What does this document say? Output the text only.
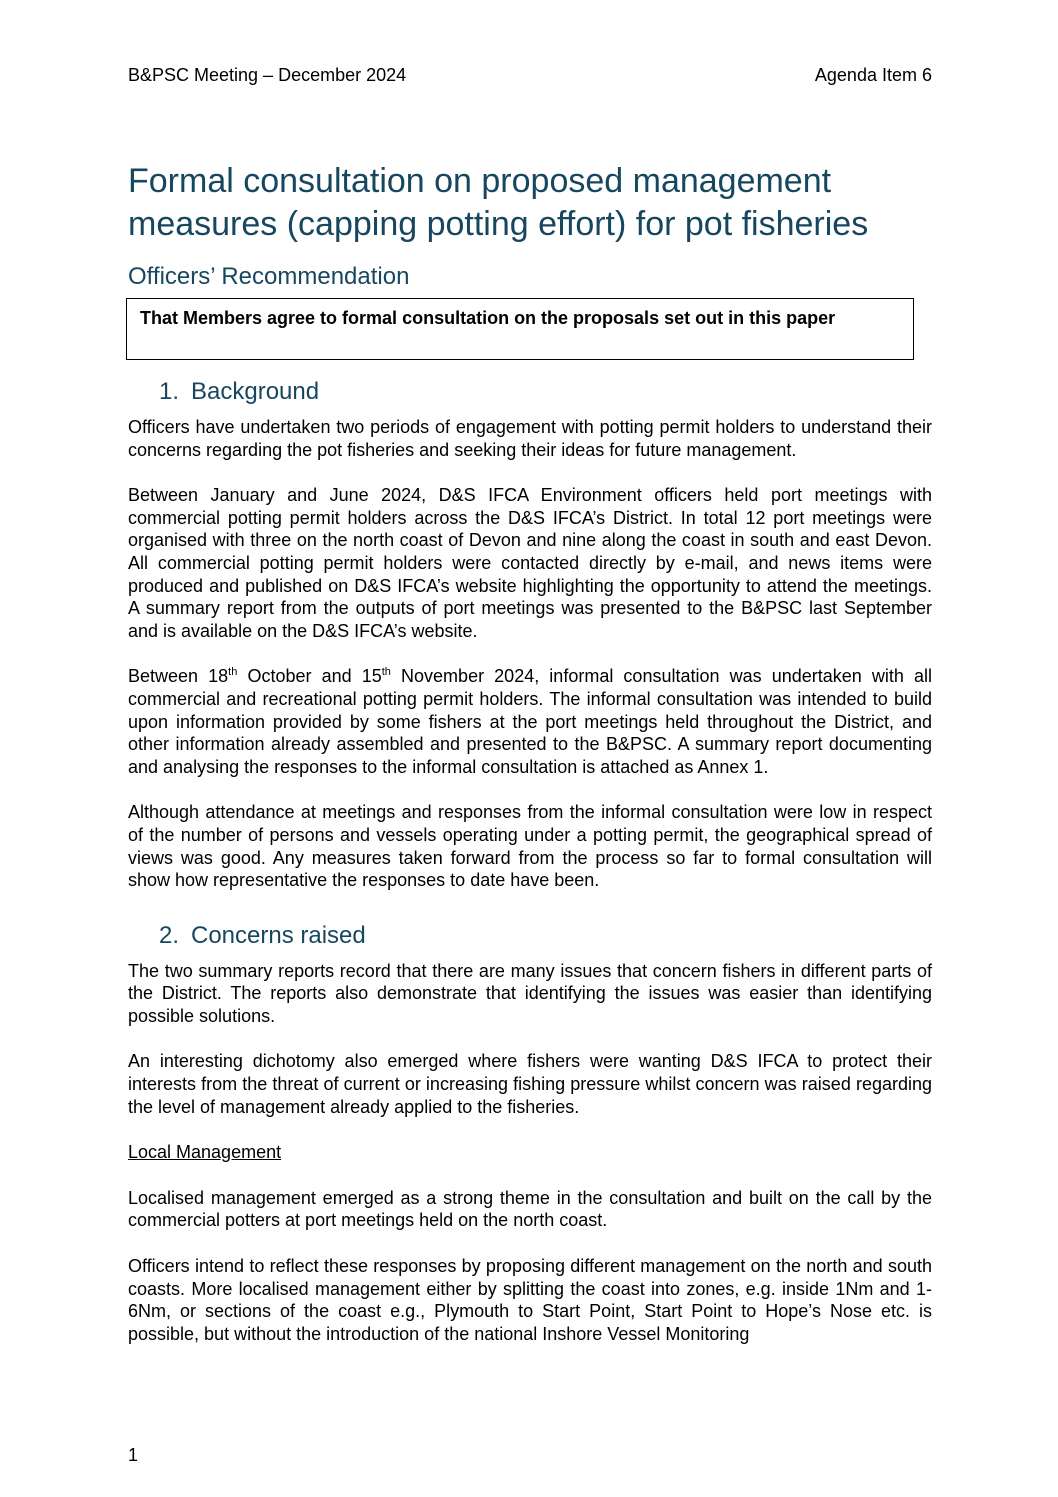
B&PSC Meeting – December 2024	Agenda Item 6
Formal consultation on proposed management measures (capping potting effort) for pot fisheries
Officers’ Recommendation
That Members agree to formal consultation on the proposals set out in this paper
1. Background

Officers have undertaken two periods of engagement with potting permit holders to understand their concerns regarding the pot fisheries and seeking their ideas for future management.

Between January and June 2024, D&S IFCA Environment officers held port meetings with commercial potting permit holders across the D&S IFCA’s District. In total 12 port meetings were organised with three on the north coast of Devon and nine along the coast in south and east Devon. All commercial potting permit holders were contacted directly by e-mail, and news items were produced and published on D&S IFCA’s website highlighting the opportunity to attend the meetings. A summary report from the outputs of port meetings was presented to the B&PSC last September and is available on the D&S IFCA’s website.

Between 18th October and 15th November 2024, informal consultation was undertaken with all commercial and recreational potting permit holders. The informal consultation was intended to build upon information provided by some fishers at the port meetings held throughout the District, and other information already assembled and presented to the B&PSC. A summary report documenting and analysing the responses to the informal consultation is attached as Annex 1.

Although attendance at meetings and responses from the informal consultation were low in respect of the number of persons and vessels operating under a potting permit, the geographical spread of views was good. Any measures taken forward from the process so far to formal consultation will show how representative the responses to date have been.

2. Concerns raised

The two summary reports record that there are many issues that concern fishers in different parts of the District. The reports also demonstrate that identifying the issues was easier than identifying possible solutions.

An interesting dichotomy also emerged where fishers were wanting D&S IFCA to protect their interests from the threat of current or increasing fishing pressure whilst concern was raised regarding the level of management already applied to the fisheries.

Local Management

Localised management emerged as a strong theme in the consultation and built on the call by the commercial potters at port meetings held on the north coast.

Officers intend to reflect these responses by proposing different management on the north and south coasts. More localised management either by splitting the coast into zones, e.g. inside 1Nm and 1-6Nm, or sections of the coast e.g., Plymouth to Start Point, Start Point to Hope’s Nose etc. is possible, but without the introduction of the national Inshore Vessel Monitoring

1
